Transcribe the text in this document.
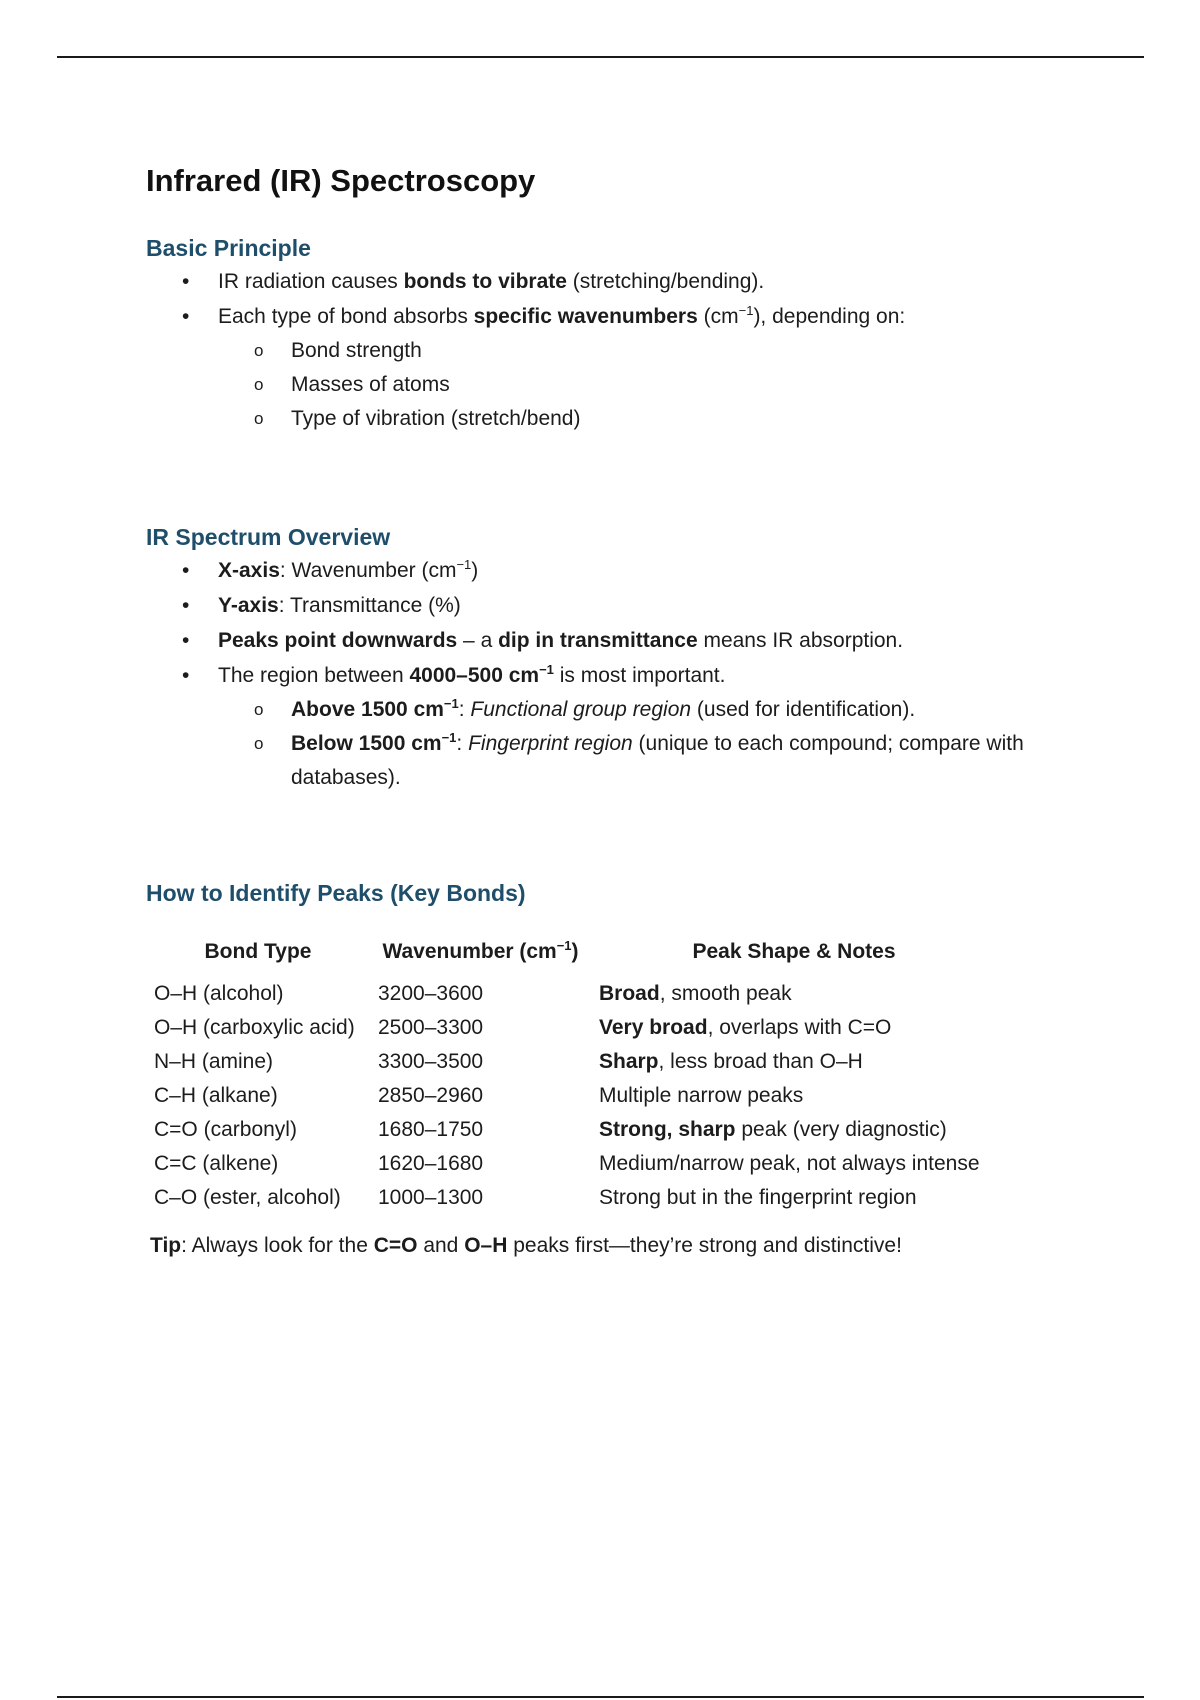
Infrared (IR) Spectroscopy
Basic Principle
• IR radiation causes bonds to vibrate (stretching/bending).
• Each type of bond absorbs specific wavenumbers $(cm^{-1})$, depending on:
o Bond strength
o Masses of atoms
o Type of vibration (stretch/bend)
IR Spectrum Overview
• X-axis: Wavenumber $(cm^{-1})$
• Y-axis: Transmittance (%)
• Peaks point downwards – a dip in transmittance means IR absorption.
• The region between 4000–500 $cm^{-1}$ is most important.
o Above 1500 $cm^{-1}$: Functional group region (used for identification).
o Below 1500 $cm^{-1}$: Fingerprint region (unique to each compound; compare with databases).
How to Identify Peaks (Key Bonds)
Bond Type	Wavenumber $(cm^{-1})$	Peak Shape & Notes
O–H (alcohol)	3200–3600	Broad, smooth peak
O–H (carboxylic acid)	2500–3300	Very broad, overlaps with C=O
N–H (amine)	3300–3500	Sharp, less broad than O–H
C–H (alkane)	2850–2960	Multiple narrow peaks
C=O (carbonyl)	1680–1750	Strong, sharp peak (very diagnostic)
C=C (alkene)	1620–1680	Medium/narrow peak, not always intense
C–O (ester, alcohol)	1000–1300	Strong but in the fingerprint region
Tip: Always look for the C=O and O–H peaks first—they’re strong and distinctive!
